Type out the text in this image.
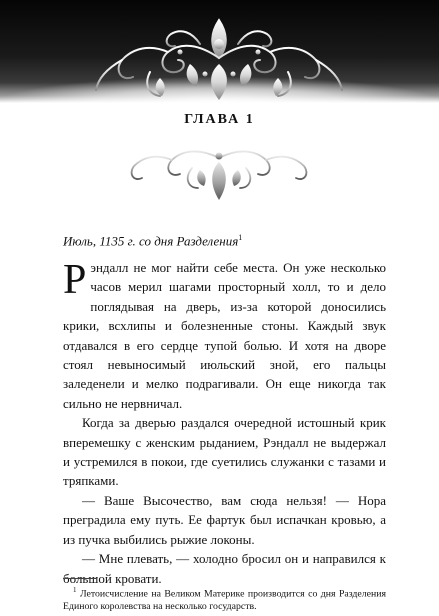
ГЛАВА 1
Июль, 1135 г. со дня Разделения$^1$

Рэндалл не мог найти себе места. Он уже несколько часов мерил шагами просторный холл, то и дело поглядывая на дверь, из-за которой доносились крики, всхлипы и болезненные стоны. Каждый звук отдавался в его сердце тупой болью. И хотя на дворе стоял невыносимый июльский зной, его пальцы заледенели и мелко подрагивали. Он еще никогда так сильно не нервничал.

Когда за дверью раздался очередной истошный крик вперемешку с женским рыданием, Рэндалл не выдержал и устремился в покои, где суетились служанки с тазами и тряпками.

— Ваше Высочество, вам сюда нельзя! — Нора преградила ему путь. Ее фартук был испачкан кровью, а из пучка выбились рыжие локоны.

— Мне плевать, — холодно бросил он и направился к большой кровати.

$^1$ Летоисчисление на Великом Материке производится со дня Разделения Единого королевства на несколько государств.
